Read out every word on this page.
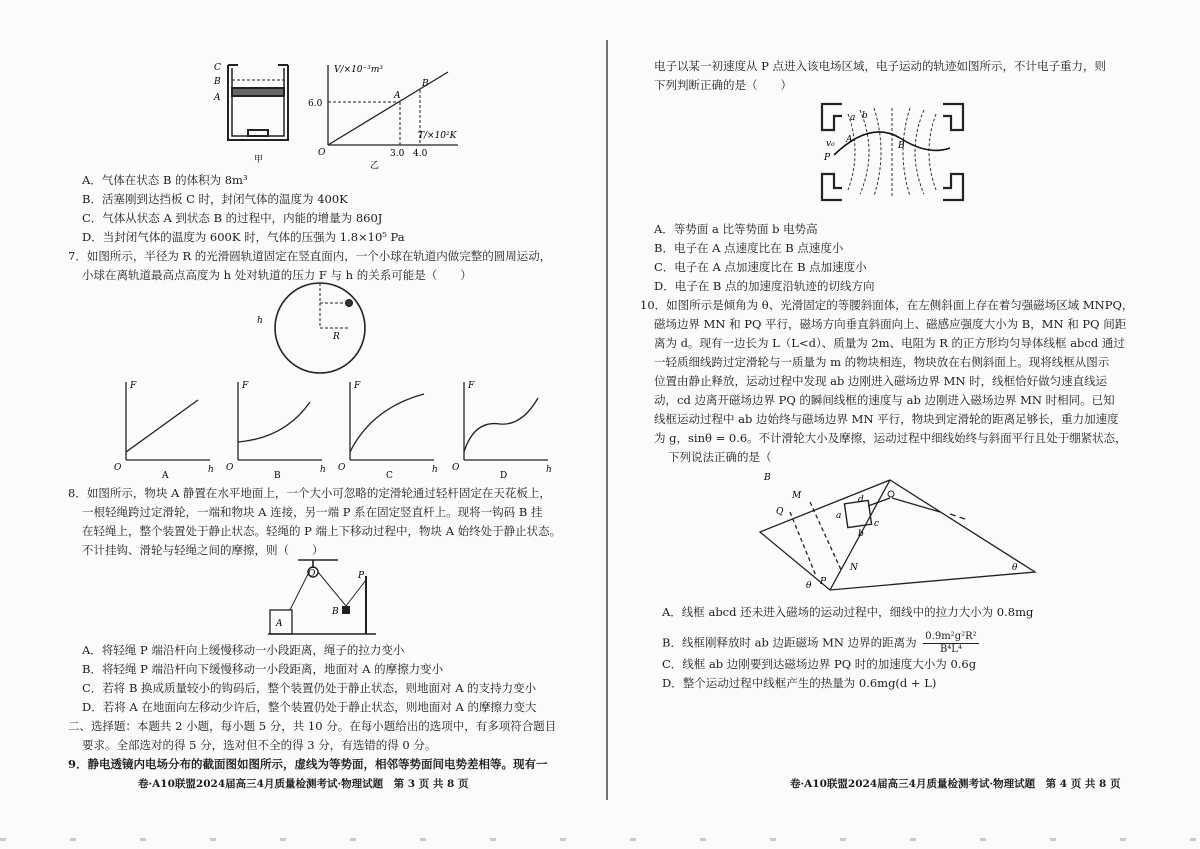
C
B
A
甲
V/×10⁻³m³
T/×10²K
6.0
3.0 4.0
O
A
B
乙
A．气体在状态 B 的体积为 8m³
B．活塞刚到达挡板 C 时，封闭气体的温度为 400K
C．气体从状态 A 到状态 B 的过程中，内能的增量为 860J
D．当封闭气体的温度为 600K 时，气体的压强为 1.8×10⁵ Pa
7．如图所示，半径为 R 的光滑圆轨道固定在竖直面内，一个小球在轨道内做完整的圆周运动，
小球在离轨道最高点高度为 h 处对轨道的压力 F 与 h 的关系可能是（　　）
h
R
F
O	h
A
F
O	h
B
F
O	h
C
F
O	h
D
8．如图所示，物块 A 静置在水平地面上，一个大小可忽略的定滑轮通过轻杆固定在天花板上，
一根轻绳跨过定滑轮，一端和物块 A 连接，另一端 P 系在固定竖直杆上。现将一钩码 B 挂
在轻绳上，整个装置处于静止状态。轻绳的 P 端上下移动过程中，物块 A 始终处于静止状态。
不计挂钩、滑轮与轻绳之间的摩擦，则（　　）
O	P
A
B
A．将轻绳 P 端沿杆向上缓慢移动一小段距离，绳子的拉力变小
B．将轻绳 P 端沿杆向下缓慢移动一小段距离，地面对 A 的摩擦力变小
C．若将 B 换成质量较小的钩码后，整个装置仍处于静止状态，则地面对 A 的支持力变小
D．若将 A 在地面向左移动少许后，整个装置仍处于静止状态，则地面对 A 的摩擦力变大
二、选择题：本题共 2 小题，每小题 5 分，共 10 分。在每小题给出的选项中，有多项符合题目
要求。全部选对的得 5 分，选对但不全的得 3 分，有选错的得 0 分。
9．静电透镜内电场分布的截面图如图所示，虚线为等势面，相邻等势面间电势差相等。现有一
卷·A10联盟2024届高三4月质量检测考试·物理试题　第 3 页 共 8 页
电子以某一初速度从 P 点进入该电场区域，电子运动的轨迹如图所示，不计电子重力，则
下列判断正确的是（　　）
a b
A
B
P
v₀
A．等势面 a 比等势面 b 电势高
B．电子在 A 点速度比在 B 点速度小
C．电子在 A 点加速度比在 B 点加速度小
D．电子在 B 点的加速度沿轨迹的切线方向
10．如图所示是倾角为 θ、光滑固定的等腰斜面体，在左侧斜面上存在着匀强磁场区域 MNPQ，
磁场边界 MN 和 PQ 平行，磁场方向垂直斜面向上、磁感应强度大小为 B，MN 和 PQ 间距
离为 d。现有一边长为 L（L<d）、质量为 2m、电阻为 R 的正方形均匀导体线框 abcd 通过
一轻质细线跨过定滑轮与一质量为 m 的物块相连，物块放在右侧斜面上。现将线框从图示
位置由静止释放，运动过程中发现 ab 边刚进入磁场边界 MN 时，线框恰好做匀速直线运
动，cd 边离开磁场边界 PQ 的瞬间线框的速度与 ab 边刚进入磁场边界 MN 时相同。已知
线框运动过程中 ab 边始终与磁场边界 MN 平行，物块到定滑轮的距离足够长，重力加速度
为 g，sinθ = 0.6。不计滑轮大小及摩擦，运动过程中细线始终与斜面平行且处于绷紧状态，
下列说法正确的是（
B
M
Q	a
b
c
d
P
N
θ
θ
A．线框 abcd 还未进入磁场的运动过程中，细线中的拉力大小为 0.8mg
B．线框刚释放时 ab 边距磁场 MN 边界的距离为 $\frac{\text{0.9m²g²R²}}{\text{B⁴L⁴}}$
C．线框 ab 边刚要到达磁场边界 PQ 时的加速度大小为 0.6g
D．整个运动过程中线框产生的热量为 0.6mg(d + L)
卷·A10联盟2024届高三4月质量检测考试·物理试题　第 4 页 共 8 页
